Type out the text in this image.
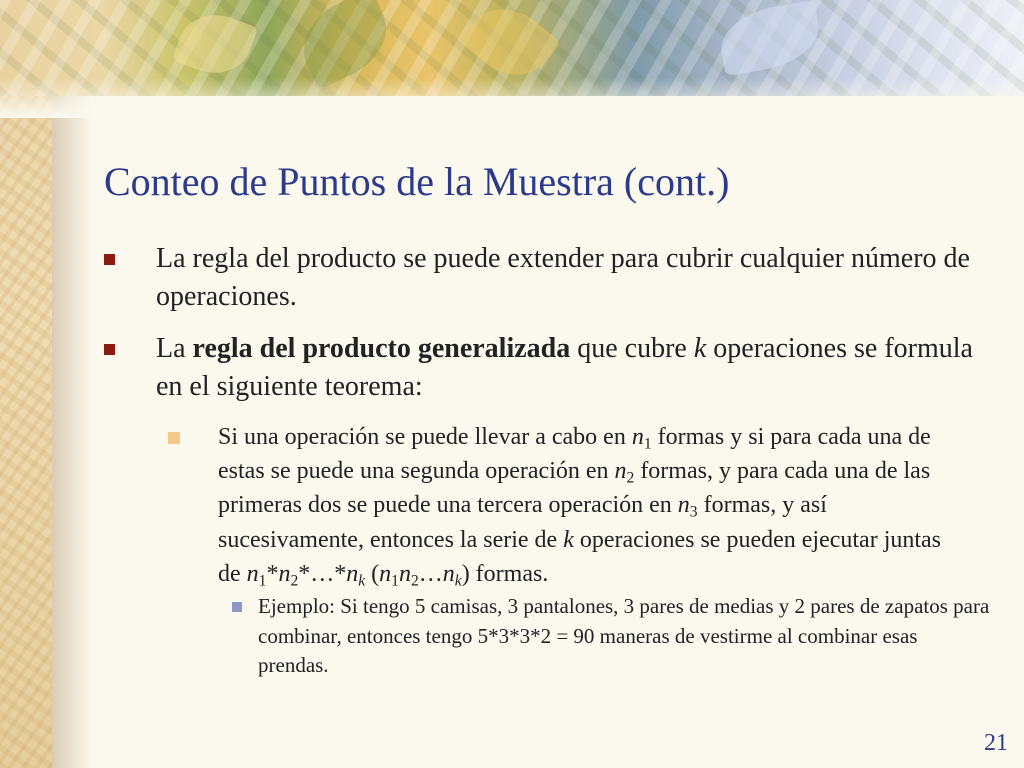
Conteo de Puntos de la Muestra (cont.)
La regla del producto se puede extender para cubrir cualquier número de operaciones.
La regla del producto generalizada que cubre k operaciones se formula en el siguiente teorema:
Si una operación se puede llevar a cabo en $n_1$ formas y si para cada una de estas se puede una segunda operación en $n_2$ formas, y para cada una de las primeras dos se puede una tercera operación en $n_3$ formas, y así sucesivamente, entonces la serie de k operaciones se pueden ejecutar juntas de $n_1*n_2*\dots*n_k$ $(n_1n_2\dots n_k)$ formas.
Ejemplo: Si tengo 5 camisas, 3 pantalones, 3 pares de medias y 2 pares de zapatos para combinar, entonces tengo 5*3*3*2 = 90 maneras de vestirme al combinar esas prendas.
21
